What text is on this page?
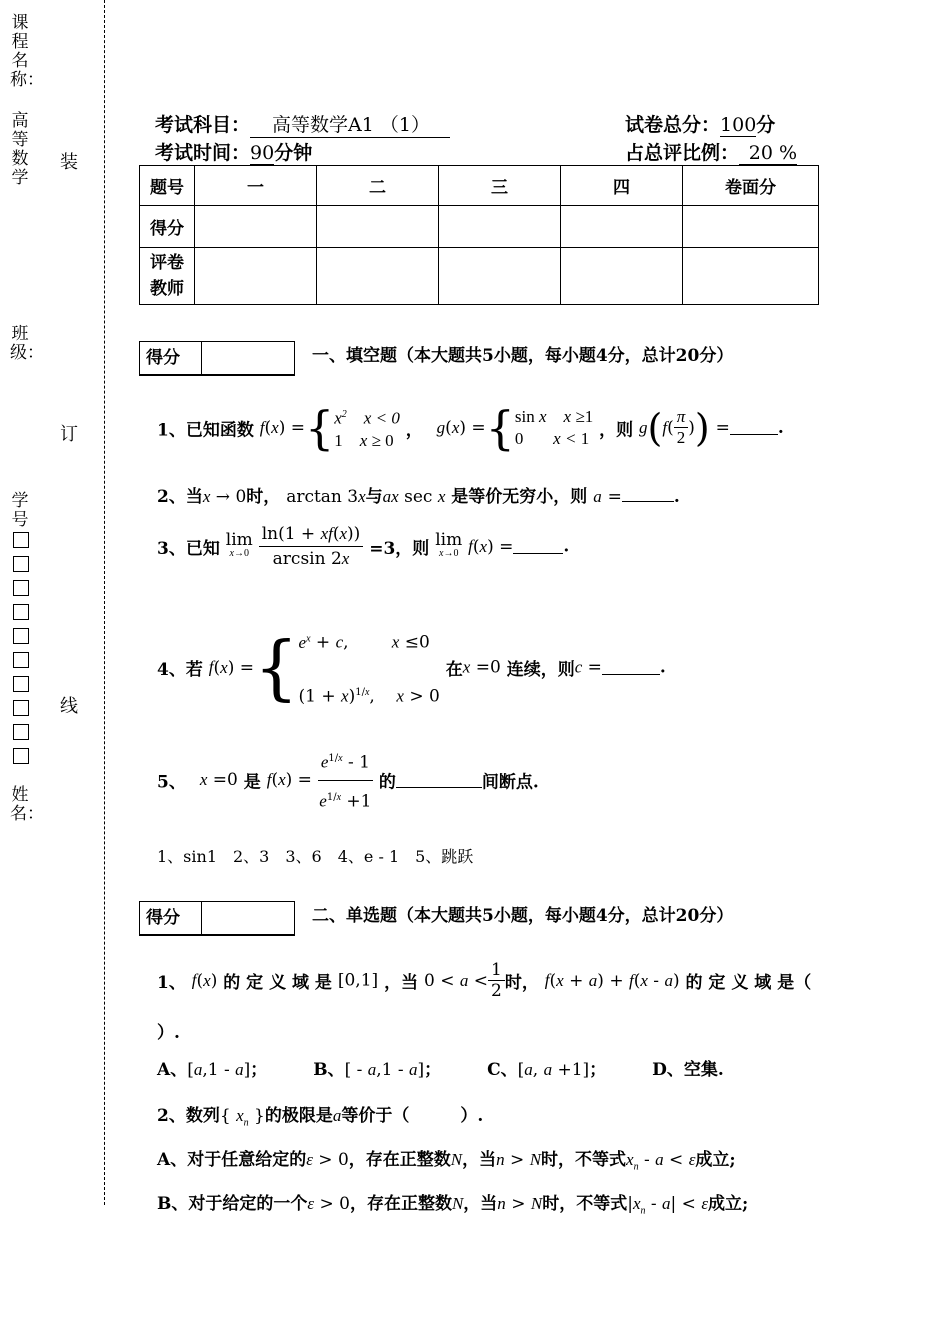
课程名称：
高等数学
班级：
学号
姓名：
装
订
线
考试科目： 高等数学A1 （1）	试卷总分：100分
考试时间：90分钟	占总评比例： 20 %
题号	一	二	三	四	卷面分
得分					
评卷
教师					
得分	一、填空题（本大题共5小题，每小题4分，总计20分）
1、已知函数 f(x) ={ $x^2$    x < 0
1    x ≥ 0 ， g(x) ={ sin x    x ≥1
0       x < 1 ，则 $g(f( \frac{\pi}{2}$ )) =	.
2、当x → 0时， arctan 3x与ax sec x 是等价无穷小，则 a =	.
3、已知 lim
x→0
$\frac{\ln(1 + xf(x))}{\arcsin 2x} =3$，则 lim
x→0 f(x) =	.
4、若 f(x) ={ $e^x + c$,        x ≤0
$(1 + x)^{1/x}$,    x > 0
在x =0 连续，则c =	.
5、 x =0 是 $f(x) = \frac{e^{1/x} - 1}{e^{1/x} +1}$ 的	间断点.
1、sin1　2、3　3、6　4、e - 1　5、跳跃
得分	二、单选题（本大题共5小题，每小题4分，总计20分）
1、 f(x) 的 定 义 域 是 [0,1] ，当 $0 < a < \frac{1}{2}$ 时， f(x + a) + f(x - a) 的 定 义 域 是（
）.
A、[a,1 - a]；	B、[ - a,1 - a]；	C、[a, a +1]；	D、空集.
2、数列{ $x_n$ }的极限是a等价于（　　　）.
A、对于任意给定的ε > 0，存在正整数N，当n > N时，不等式$x_n - a < \varepsilon$成立;
B、对于给定的一个ε > 0，存在正整数N，当n > N时，不等式$|x_n - a| < \varepsilon$成立;
